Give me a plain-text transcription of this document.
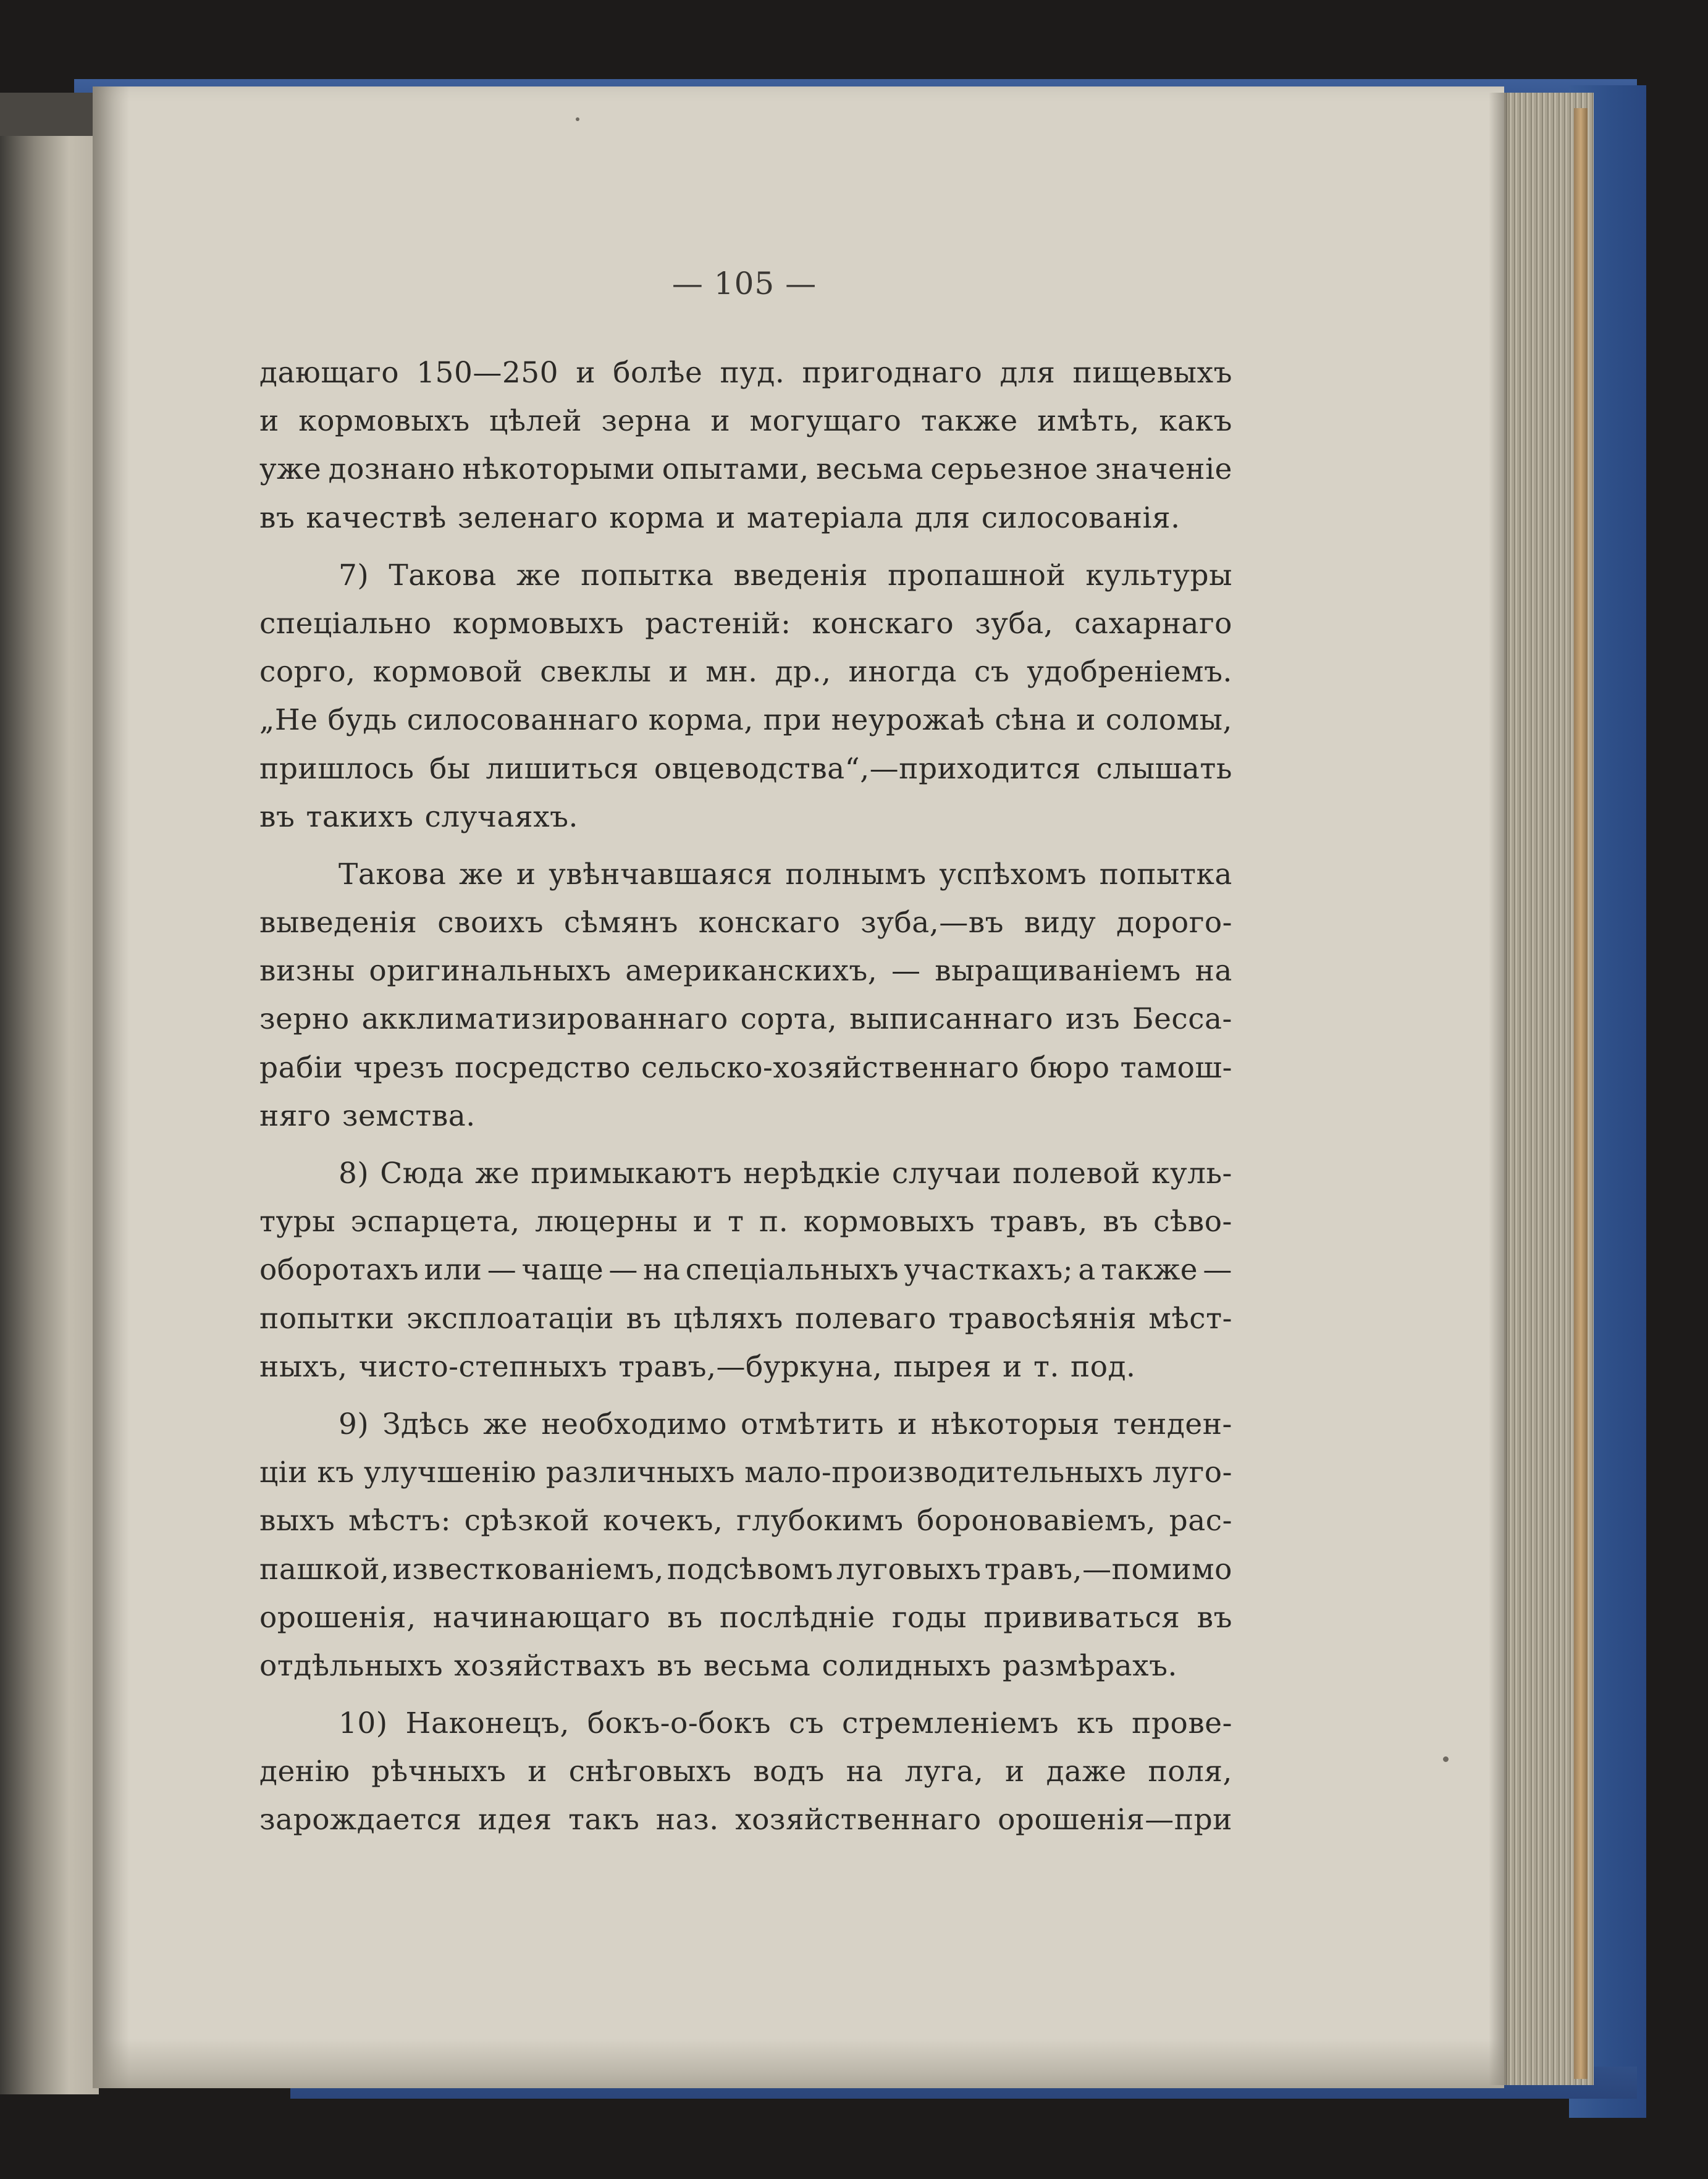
— 105 —
дающаго 150—250 и болѣе пуд. пригоднаго для пищевыхъ
и кормовыхъ цѣлей зерна и могущаго также имѣть, какъ
уже дознано нѣкоторыми опытами, весьма серьезное значеніе
въ качествѣ зеленаго корма и матеріала для силосованія.
7) Такова же попытка введенія пропашной культуры
спеціально кормовыхъ растеній: конскаго зуба, сахарнаго
сорго, кормовой свеклы и мн. др., иногда съ удобреніемъ.
„Не будь силосованнаго корма, при неурожаѣ сѣна и соломы,
пришлось бы лишиться овцеводства“,—приходится слышать
въ такихъ случаяхъ.
Такова же и увѣнчавшаяся полнымъ успѣхомъ попытка
выведенія своихъ сѣмянъ конскаго зуба,—въ виду дорого-
визны оригинальныхъ американскихъ, — выращиваніемъ на
зерно акклиматизированнаго сорта, выписаннаго изъ Бесса-
рабіи чрезъ посредство сельско-хозяйственнаго бюро тамош-
няго земства.
8) Сюда же примыкаютъ нерѣдкіе случаи полевой куль-
туры эспарцета, люцерны и т п. кормовыхъ травъ, въ сѣво-
оборотахъ или — чаще — на спеціальныхъ участкахъ; а также —
попытки эксплоатаціи въ цѣляхъ полеваго травосѣянія мѣст-
ныхъ, чисто-степныхъ травъ,—буркуна, пырея и т. под.
9) Здѣсь же необходимо отмѣтить и нѣкоторыя тенден-
ціи къ улучшенію различныхъ мало-производительныхъ луго-
выхъ мѣстъ: срѣзкой кочекъ, глубокимъ бороновавіемъ, рас-
пашкой, известкованіемъ, подсѣвомъ луговыхъ травъ,—помимо
орошенія, начинающаго въ послѣдніе годы прививаться въ
отдѣльныхъ хозяйствахъ въ весьма солидныхъ размѣрахъ.
10) Наконецъ, бокъ-о-бокъ съ стремленіемъ къ прове-
денію рѣчныхъ и снѣговыхъ водъ на луга, и даже поля,
зарождается идея такъ наз. хозяйственнаго орошенія—при
